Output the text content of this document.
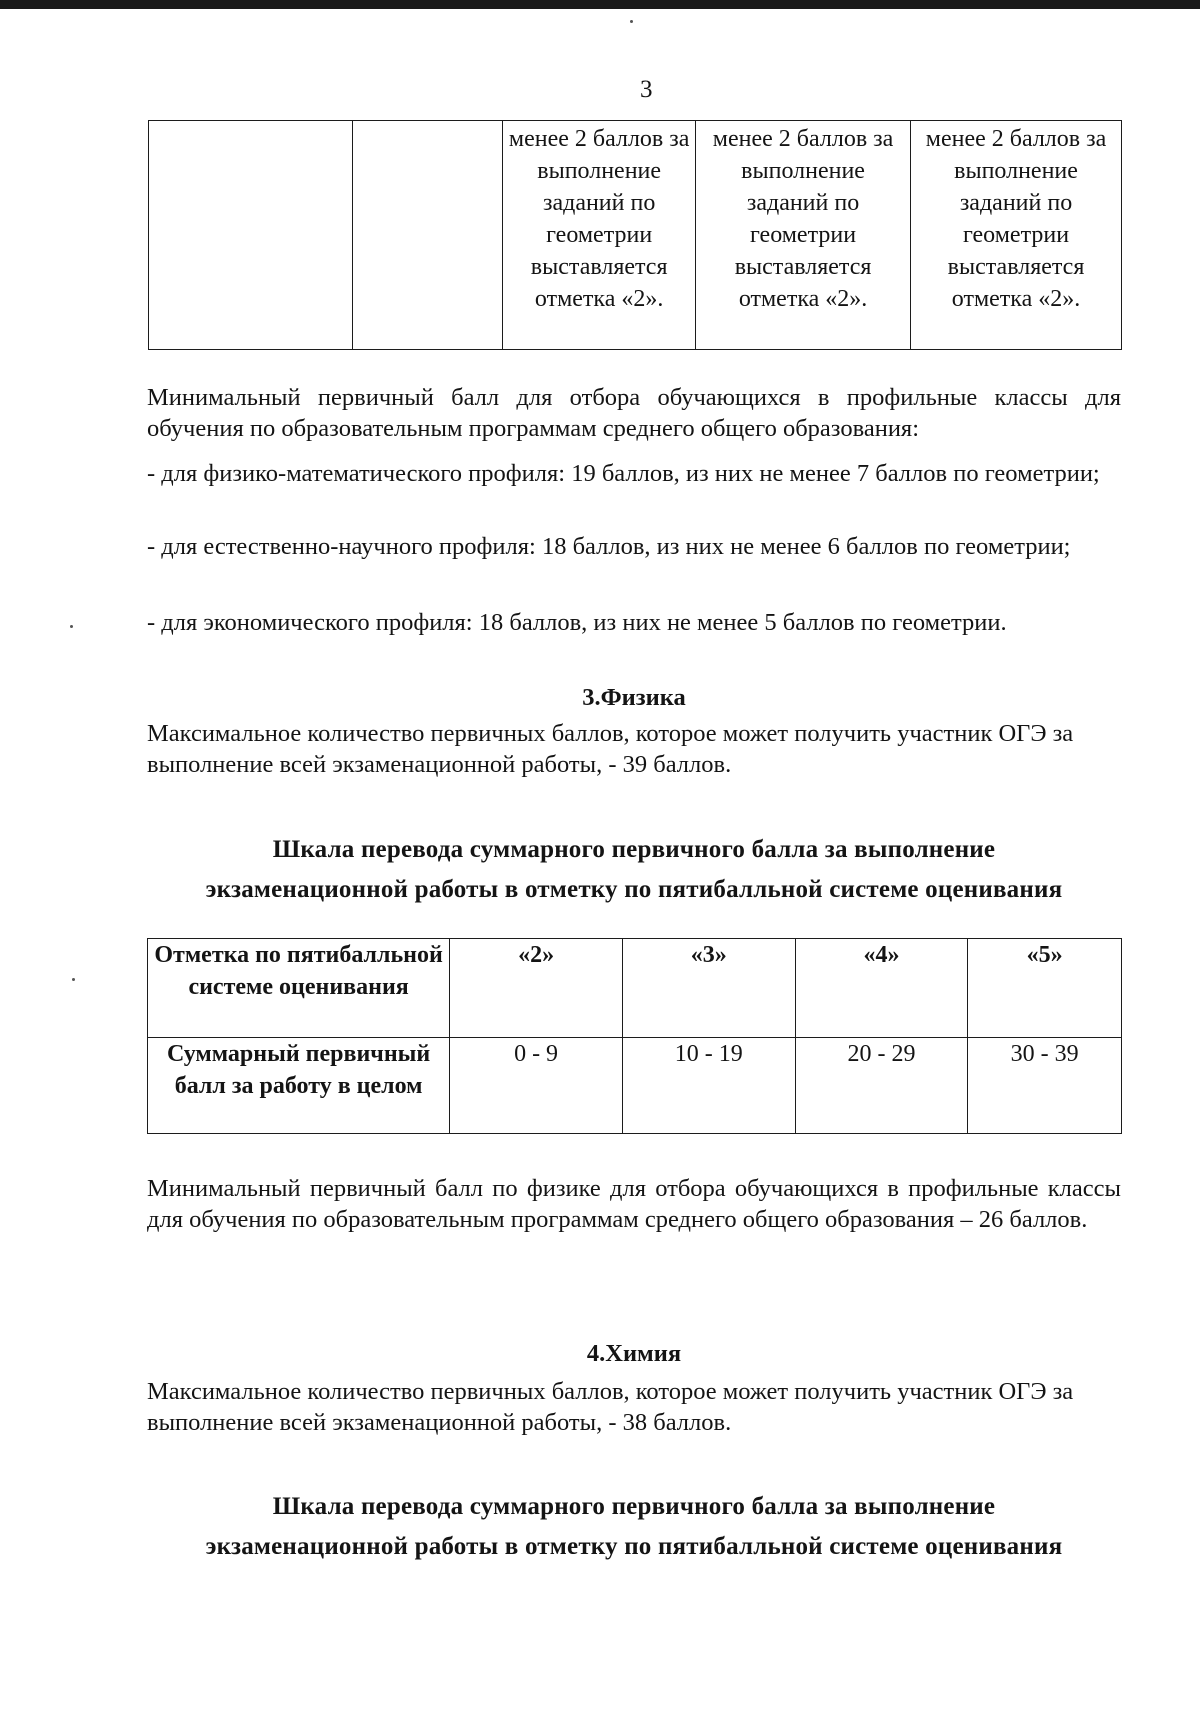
3
		менее 2 баллов за выполнение заданий по геометрии выставляется отметка «2».	менее 2 баллов за выполнение заданий по геометрии выставляется отметка «2».	менее 2 баллов за выполнение заданий по геометрии выставляется отметка «2».

Минимальный первичный балл для отбора обучающихся в профильные классы для обучения по образовательным программам среднего общего образования:

- для физико-математического профиля: 19 баллов, из них не менее 7 баллов по геометрии;

- для естественно-научного профиля: 18 баллов, из них не менее 6 баллов по геометрии;

- для экономического профиля: 18 баллов, из них не менее 5 баллов по геометрии.

3.Физика

Максимальное количество первичных баллов, которое может получить участник ОГЭ за выполнение всей экзаменационной работы, - 39 баллов.

Шкала перевода суммарного первичного балла за выполнение
экзаменационной работы в отметку по пятибалльной системе оценивания

Отметка по пятибалльной системе оценивания	«2»	«3»	«4»	«5»
Суммарный первичный балл за работу в целом	0 - 9	10 - 19	20 - 29	30 - 39

Минимальный первичный балл по физике для отбора обучающихся в профильные классы для обучения по образовательным программам среднего общего образования – 26 баллов.

4.Химия

Максимальное количество первичных баллов, которое может получить участник ОГЭ за выполнение всей экзаменационной работы, - 38 баллов.

Шкала перевода суммарного первичного балла за выполнение
экзаменационной работы в отметку по пятибалльной системе оценивания
